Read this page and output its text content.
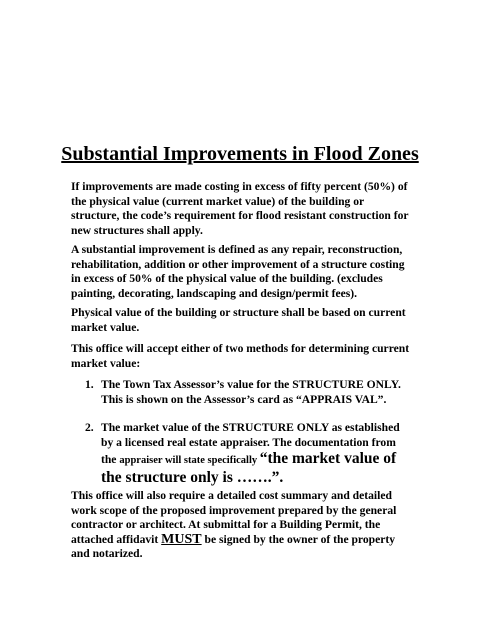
Substantial Improvements in Flood Zones

If improvements are made costing in excess of fifty percent (50%) of the physical value (current market value) of the building or structure, the code’s requirement for flood resistant construction for new structures shall apply.

A substantial improvement is defined as any repair, reconstruction, rehabilitation, addition or other improvement of a structure costing in excess of 50% of the physical value of the building. (excludes painting, decorating, landscaping and design/permit fees).

Physical value of the building or structure shall be based on current market value.

This office will accept either of two methods for determining current market value:

1. The Town Tax Assessor’s value for the STRUCTURE ONLY. This is shown on the Assessor’s card as “APPRAIS VAL”.
2. The market value of the STRUCTURE ONLY as established by a licensed real estate appraiser. The documentation from the appraiser will state specifically “the market value of the structure only is …….”.

This office will also require a detailed cost summary and detailed work scope of the proposed improvement prepared by the general contractor or architect. At submittal for a Building Permit, the attached affidavit MUST be signed by the owner of the property and notarized.
